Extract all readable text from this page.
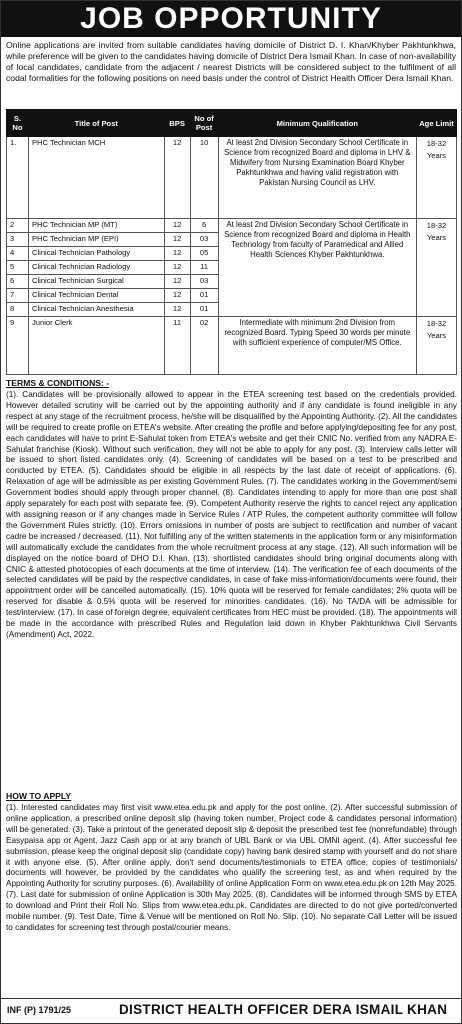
JOB OPPORTUNITY
Online applications are invited from suitable candidates having domicile of District D. I. Khan/Khyber Pakhtunkhwa, while preference will be given to the candidates having domicile of District Dera Ismail Khan. In case of non-availability of local candidates, candidate from the adjacent / nearest Districts will be considered subject to the fulfilment of all codal formalities for the following positions on need basis under the control of District Health Officer Dera Ismail Khan.
S. No	Title of Post	BPS	No of Post	Minimum Qualification	Age Limit
1.	PHC Technician MCH	12	10	At least 2nd Division Secondary School Certificate in Science from recognized Board and diploma in LHV & Midwifery from Nursing Examination Board Khyber Pakhtunkhwa and having valid registration with Pakistan Nursing Council as LHV.	18-32 Years
2	PHC Technician MP (MT)	12	6	At least 2nd Division Secondary School Certificate in Science from recognized Board and diploma in Health Technology from faculty of Paramedical and Allied Health Sciences Khyber Pakhtunkhwa.	18-32 Years
3	PHC Technician MP (EPI)	12	03		
4	Clinical Technician Pathology	12	05		
5	Clinical Technician Radiology	12	11		
6	Clinical Technician Surgical	12	03		
7	Clinical Technician Dental	12	01		
8	Clinical Technician Anesthesia	12	01		
9	Junior Clerk	11	02	Intermediate with minimum 2nd Division from recognized Board. Typing Speed 30 words per minute with sufficient experience of computer/MS Office.	18-32 Years
TERMS & CONDITIONS: -
(1). Candidates will be provisionally allowed to appear in the ETEA screening test based on the credentials provided. However detailed scrutiny will be carried out by the appointing authority and if any candidate is found ineligible in any respect at any stage of the recruitment process, he/she will be disqualified by the Appointing Authority. (2). All the candidates will be required to create profile on ETEA's website. After creating the profile and before applying/depositing fee for any post, each candidates will have to print E-Sahulat token from ETEA's website and get their CNIC No. verified from any NADRA E-Sahulat franchise (Kiosk). Without such verification, they will not be able to apply for any post. (3). Interview calls letter will be issued to short listed candidates only. (4). Screening of candidates will be based on a test to be prescribed and conducted by ETEA. (5). Candidates should be eligible in all respects by the last date of receipt of applications. (6). Relaxation of age will be admissible as per existing Government Rules. (7). The candidates working in the Government/semi Government bodies should apply through proper channel. (8). Candidates intending to apply for more than one post shall apply separately for each post with separate fee. (9). Competent Authority reserve the rights to cancel reject any application with assigning reason or if any changes made in Service Rules / ATP Rules, the competent authority committee will follow the Government Rules strictly. (10). Errors omissions in number of posts are subject to rectification and number of vacant cadre be increased / decreased. (11). Not fulfilling any of the written statements in the application form or any misinformation will automatically exclude the candidates from the whole recruitment process at any stage. (12). All such information will be displayed on the notice board of DHO D.I. Khan. (13). shortlisted candidates should bring original documents along with CNIC & attested photocopies of each documents at the time of interview. (14). The verification fee of each documents of the selected candidates will be paid by the respective candidates, in case of fake miss-information/documents were found, their appointment order will be cancelled automatically. (15). 10% quota will be reserved for female candidates; 2% quota will be reserved for disable & 0.5% quota will be reserved for minorities candidates. (16). No TA/DA will be admissible for test/interview. (17). In case of foreign degree, equivalent certificates from HEC must be provided. (18). The appointments will be made in the accordance with prescribed Rules and Regulation laid down in Khyber Pakhtunkhwa Civil Servants (Amendment) Act, 2022.
HOW TO APPLY
(1). Interested candidates may first visit www.etea.edu.pk and apply for the post online. (2). After successful submission of online application, a prescribed online deposit slip (having token number, Project code & candidates personal information) will be generated. (3). Take a printout of the generated deposit slip & deposit the prescribed test fee (nonrefundable) through Easypaisa app or Agent, Jazz Cash app or at any branch of UBL Bank or via UBL OMNI agent. (4). After successful fee submission, please keep the original deposit slip (candidate copy) having bank desired stamp with yourself and do not share it with anyone else. (5). After online apply, don't send documents/testimonials to ETEA office, copies of testimonials/ documents will however, be provided by the candidates who qualify the screening test, as and when required by the Appointing Authority for scrutiny purposes. (6). Availability of online Application Form on www.etea.edu.pk on 12th May 2025. (7). Last date for submission of online Application is 30th May 2025. (8). Candidates will be informed through SMS by ETEA to download and Print their Roll No. Slips from www.etea.edu.pk. Candidates are directed to do not give ported/converted mobile number. (9). Test Date, Time & Venue will be mentioned on Roll No. Slip. (10). No separate Call Letter will be issued to candidates for screening test through postal/courier means.
INF (P) 1791/25	DISTRICT HEALTH OFFICER DERA ISMAIL KHAN
